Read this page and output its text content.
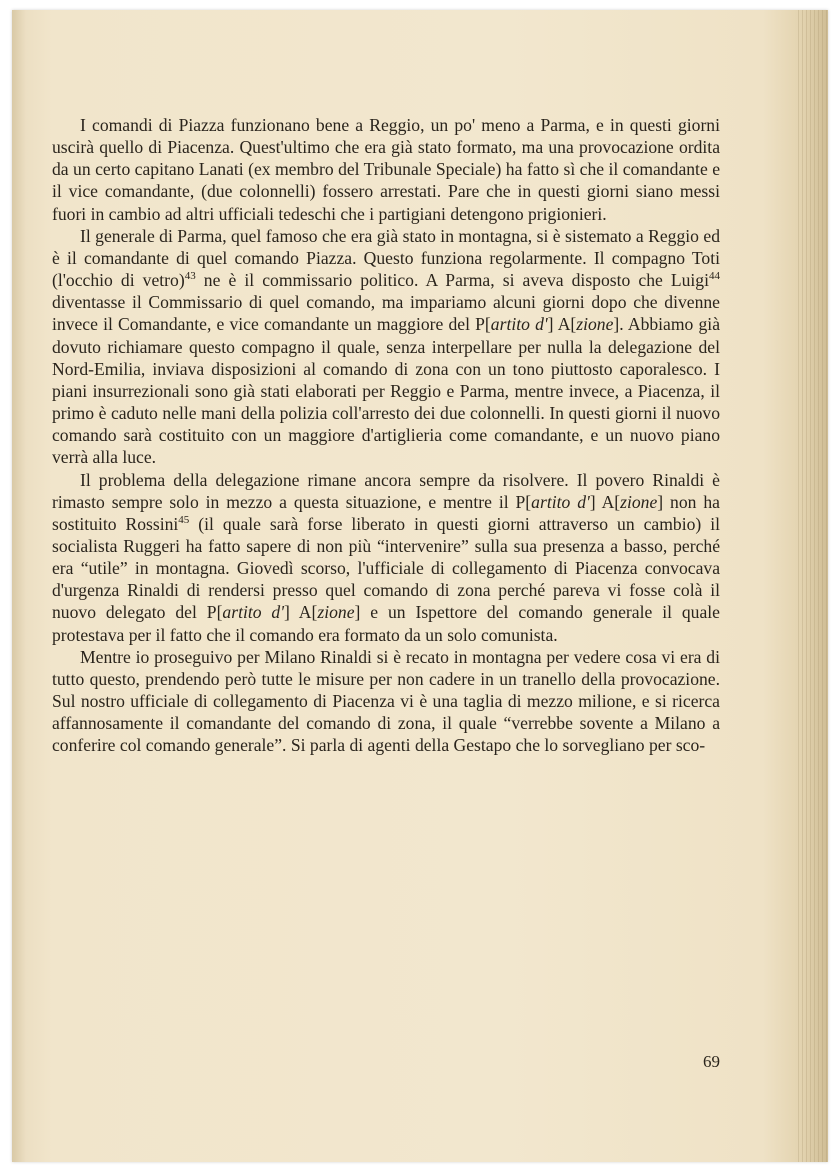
I comandi di Piazza funzionano bene a Reggio, un po' meno a Parma, e in questi giorni uscirà quello di Piacenza. Quest'ultimo che era già stato formato, ma una provocazione ordita da un certo capitano Lanati (ex membro del Tribunale Speciale) ha fatto sì che il comandante e il vice comandante, (due colonnelli) fossero arrestati. Pare che in questi giorni siano messi fuori in cambio ad altri ufficiali tedeschi che i partigiani detengono prigionieri.

Il generale di Parma, quel famoso che era già stato in montagna, si è sistemato a Reggio ed è il comandante di quel comando Piazza. Questo funziona regolarmente. Il compagno Toti (l'occhio di vetro)$^{43}$ ne è il commissario politico. A Parma, si aveva disposto che Luigi$^{44}$ diventasse il Commissario di quel comando, ma impariamo alcuni giorni dopo che divenne invece il Comandante, e vice comandante un maggiore del P[artito d'] A[zione]. Abbiamo già dovuto richiamare questo compagno il quale, senza interpellare per nulla la delegazione del Nord-Emilia, inviava disposizioni al comando di zona con un tono piuttosto caporalesco. I piani insurrezionali sono già stati elaborati per Reggio e Parma, mentre invece, a Piacenza, il primo è caduto nelle mani della polizia coll'arresto dei due colonnelli. In questi giorni il nuovo comando sarà costituito con un maggiore d'artiglieria come comandante, e un nuovo piano verrà alla luce.

Il problema della delegazione rimane ancora sempre da risolvere. Il povero Rinaldi è rimasto sempre solo in mezzo a questa situazione, e mentre il P[artito d'] A[zione] non ha sostituito Rossini$^{45}$ (il quale sarà forse liberato in questi giorni attraverso un cambio) il socialista Ruggeri ha fatto sapere di non più “intervenire” sulla sua presenza a basso, perché era “utile” in montagna. Giovedì scorso, l'ufficiale di collegamento di Piacenza convocava d'urgenza Rinaldi di rendersi presso quel comando di zona perché pareva vi fosse colà il nuovo delegato del P[artito d'] A[zione] e un Ispettore del comando generale il quale protestava per il fatto che il comando era formato da un solo comunista.

Mentre io proseguivo per Milano Rinaldi si è recato in montagna per vedere cosa vi era di tutto questo, prendendo però tutte le misure per non cadere in un tranello della provocazione. Sul nostro ufficiale di collegamento di Piacenza vi è una taglia di mezzo milione, e si ricerca affannosamente il comandante del comando di zona, il quale “verrebbe sovente a Milano a conferire col comando generale”. Si parla di agenti della Gestapo che lo sorvegliano per sco-

69
